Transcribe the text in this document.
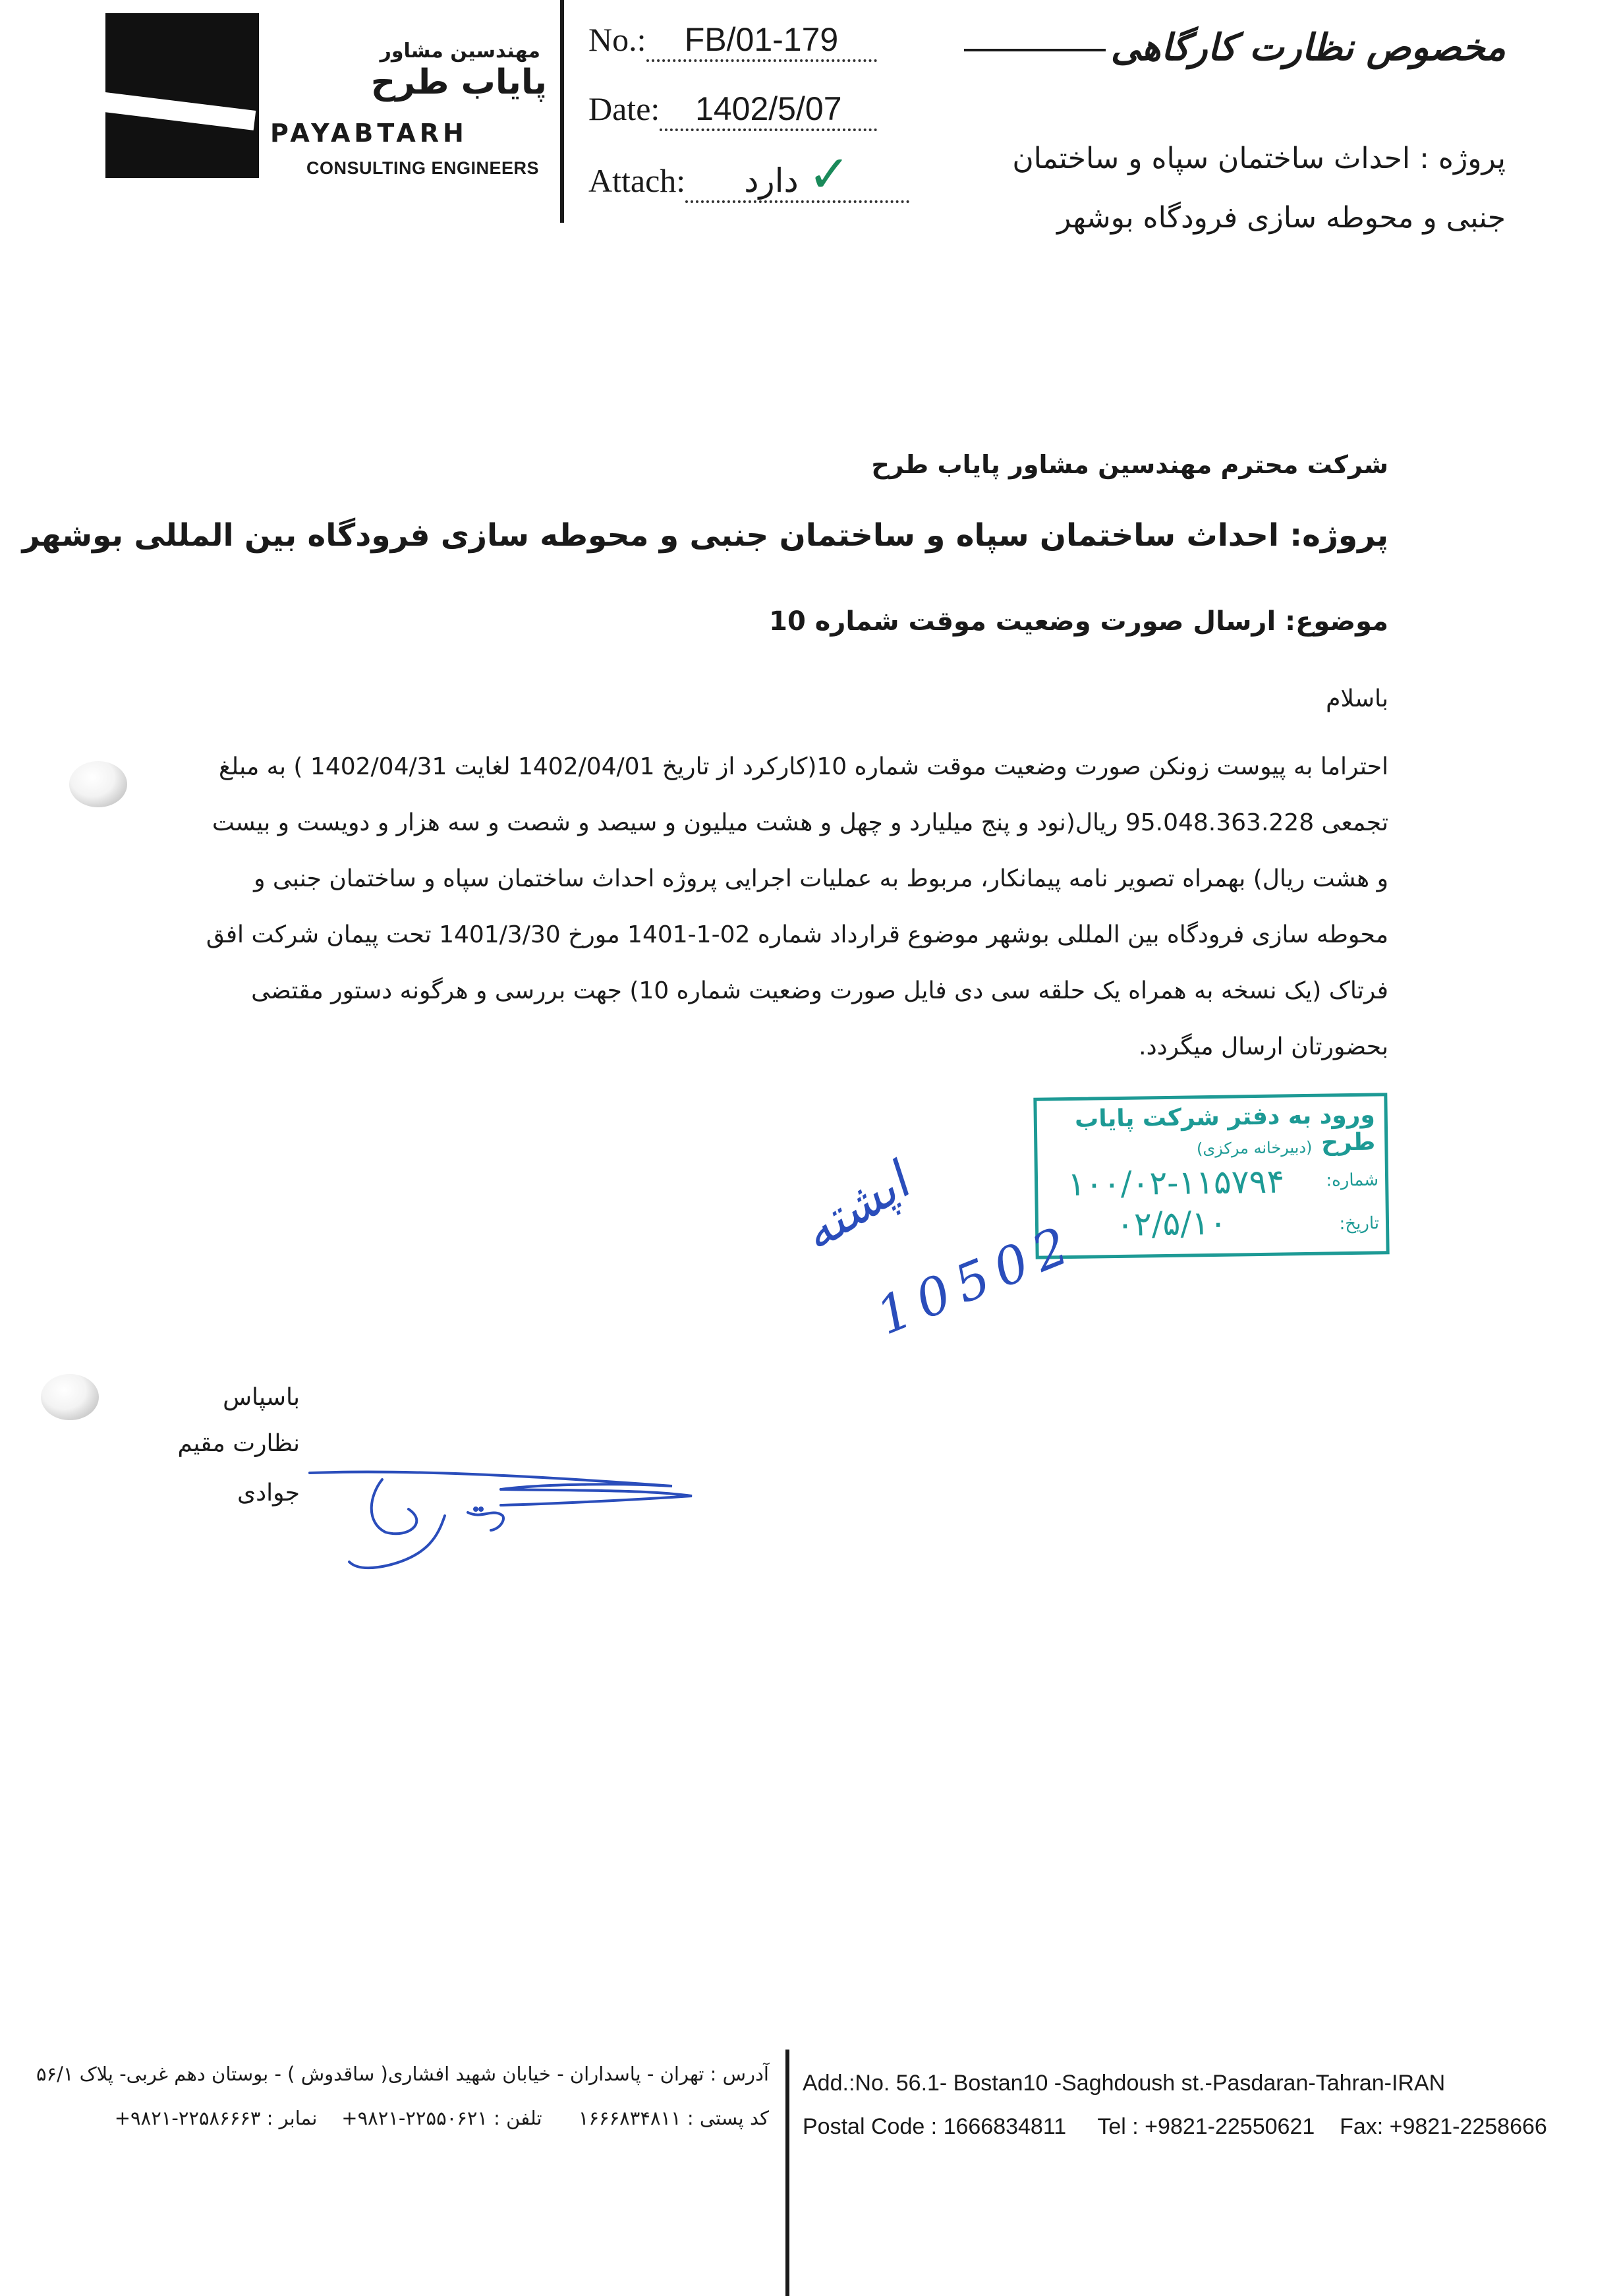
مهندسین مشاور
پایاب طرح
PAYABTARH
CONSULTING ENGINEERS
No.: FB/01-179
Date: 1402/5/07
Attach: ✓ دارد
مخصوص نظارت کارگاهی
پروژه : احداث ساختمان سپاه و ساختمان
جنبی و محوطه سازی فرودگاه بوشهر
شرکت محترم مهندسین مشاور پایاب طرح
پروژه: احداث ساختمان سپاه و ساختمان جنبی و محوطه سازی فرودگاه بین المللی بوشهر
موضوع: ارسال صورت وضعیت موقت شماره 10
باسلام
احتراما به پیوست زونکن صورت وضعیت موقت شماره 10(کارکرد از تاریخ 1402/04/01 لغایت 1402/04/31 ) به مبلغ
تجمعی 95.048.363.228 ریال(نود و پنج میلیارد و چهل و هشت میلیون و سیصد و شصت و سه هزار و دویست و بیست
و هشت ریال) بهمراه تصویر نامه پیمانکار، مربوط به عملیات اجرایی پروژه احداث ساختمان سپاه و ساختمان جنبی و
محوطه سازی فرودگاه بین المللی بوشهر موضوع قرارداد شماره 02-1-1401 مورخ 1401/3/30 تحت پیمان شرکت افق
فرتاک (یک نسخه به همراه یک حلقه سی دی فایل صورت وضعیت شماره 10) جهت بررسی و هرگونه دستور مقتضی
بحضورتان ارسال میگردد.
ورود به دفتر شرکت پایاب طرح
(دبیرخانه مرکزی)
شماره:
۱۰۰/۰۲-۱۱۵۷۹۴
تاریخ:
۰۲/۵/۱۰
اپشته
10502
باسپاس
نظارت مقیم
جوادی
آدرس : تهران - پاسداران - خیابان شهید افشاری( ساقدوش ) - بوستان دهم غربی- پلاک ۵۶/۱
کد پستی : ۱۶۶۶۸۳۴۸۱۱      تلفن : ۲۲۵۵۰۶۲۱-۹۸۲۱+    نمابر : ۲۲۵۸۶۶۶۳-۹۸۲۱+
Add.:No. 56.1- Bostan10 -Saghdoush st.-Pasdaran-Tahran-IRAN
Postal Code : 1666834811 Tel : +9821-22550621 Fax: +9821-2258666
